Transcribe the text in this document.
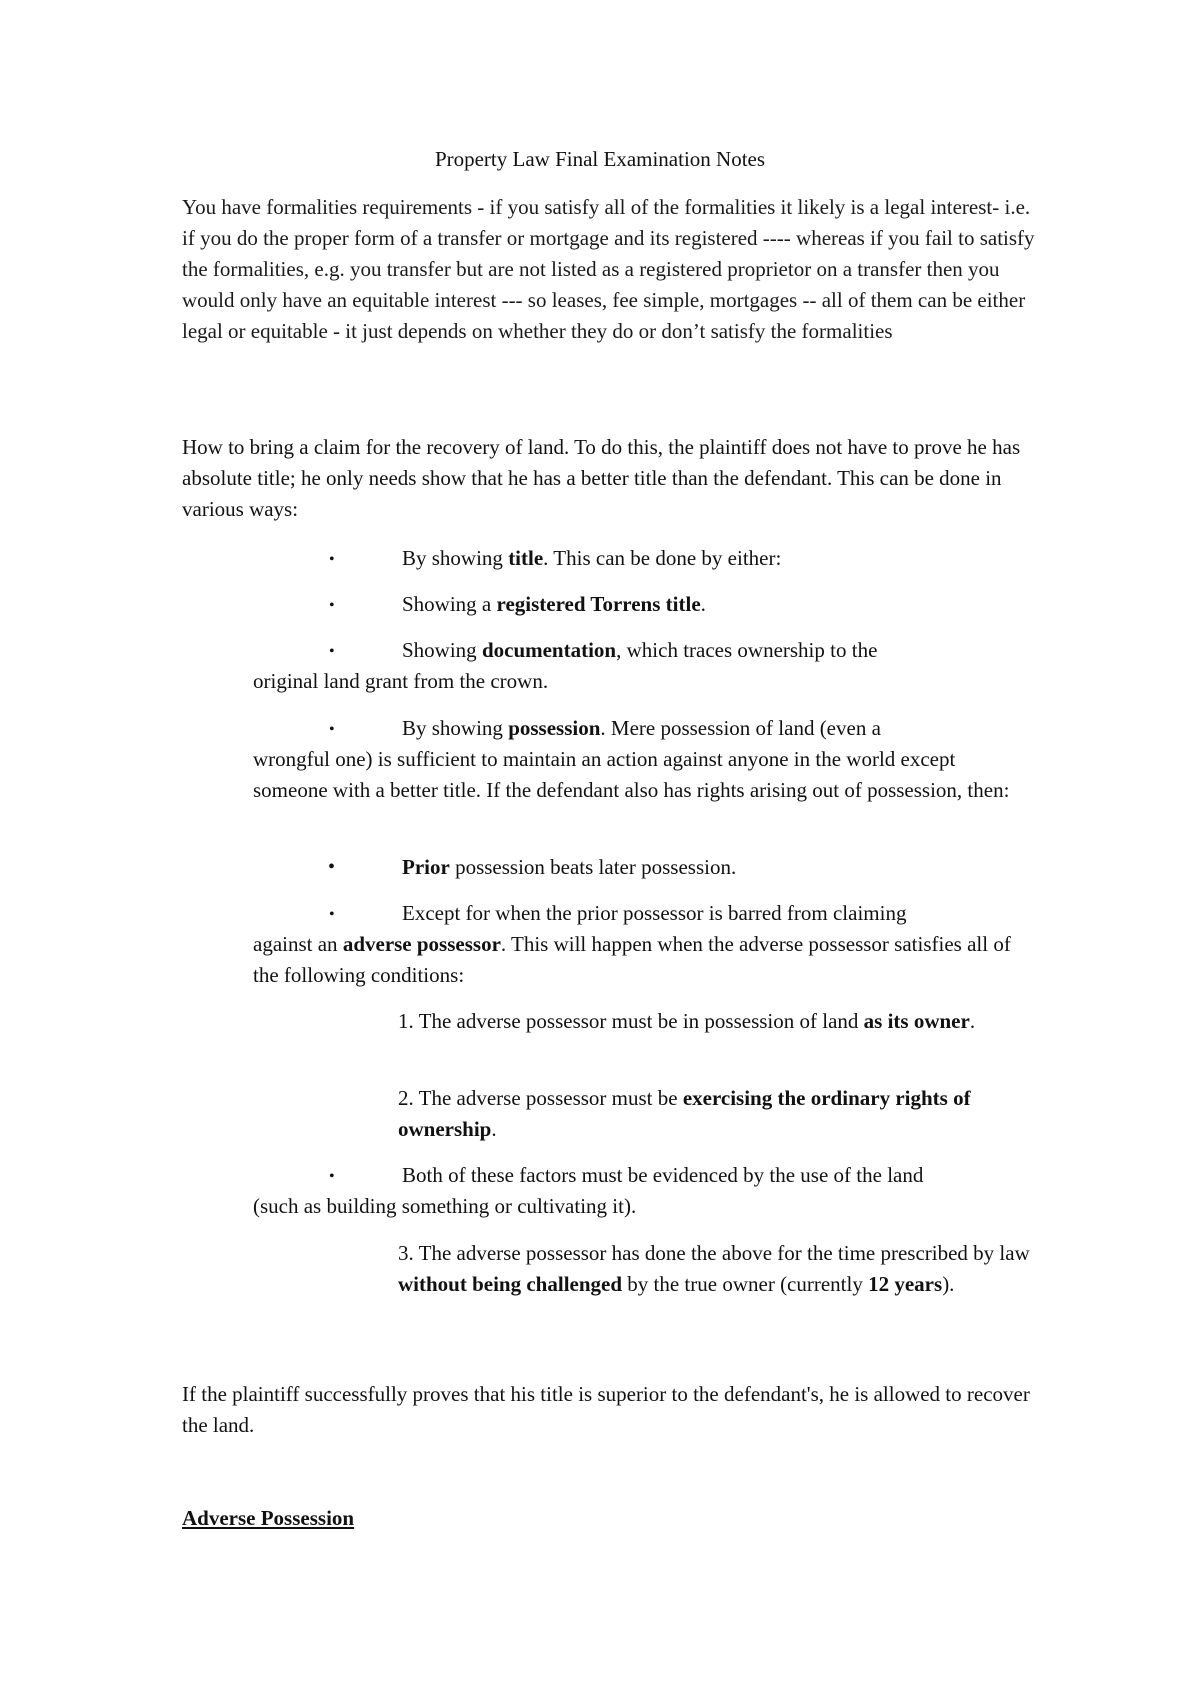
Property Law Final Examination Notes

You have formalities requirements - if you satisfy all of the formalities it likely is a legal interest- i.e. if you do the proper form of a transfer or mortgage and its registered ---- whereas if you fail to satisfy the formalities, e.g. you transfer but are not listed as a registered proprietor on a transfer then you would only have an equitable interest --- so leases, fee simple, mortgages -- all of them can be either legal or equitable - it just depends on whether they do or don’t satisfy the formalities

How to bring a claim for the recovery of land. To do this, the plaintiff does not have to prove he has absolute title; he only needs show that he has a better title than the defendant. This can be done in various ways:

•	By showing title. This can be done by either:
•	Showing a registered Torrens title.
•	Showing documentation, which traces ownership to the
original land grant from the crown.
•	By showing possession. Mere possession of land (even a
wrongful one) is sufficient to maintain an action against anyone in the world except someone with a better title. If the defendant also has rights arising out of possession, then:
•	Prior possession beats later possession.
•	Except for when the prior possessor is barred from claiming
against an adverse possessor. This will happen when the adverse possessor satisfies all of the following conditions:
1. The adverse possessor must be in possession of land as its owner.
2. The adverse possessor must be exercising the ordinary rights of ownership.
•	Both of these factors must be evidenced by the use of the land
(such as building something or cultivating it).
3. The adverse possessor has done the above for the time prescribed by law without being challenged by the true owner (currently 12 years).

If the plaintiff successfully proves that his title is superior to the defendant's, he is allowed to recover the land.

Adverse Possession
